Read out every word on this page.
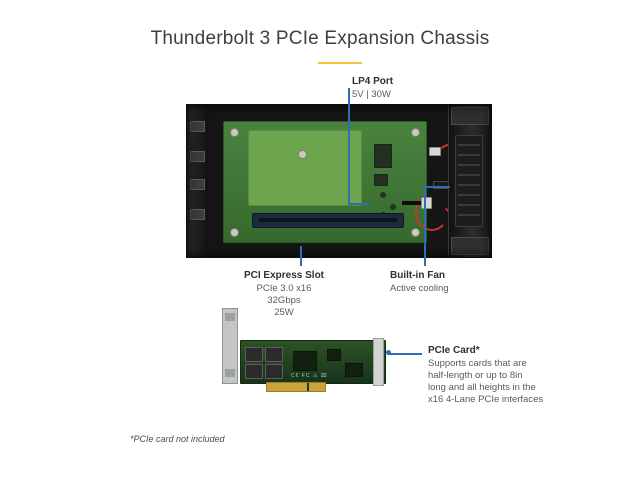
Thunderbolt 3 PCIe Expansion Chassis
LP4 Port
5V | 30W
PCI Express Slot
PCIe 3.0 x16
32Gbps
25W
Built-in Fan
Active cooling
PCIe Card*
Supports cards that are
half-length or up to 8in
long and all heights in the
x16 4-Lane PCIe interfaces
C€ FC ⚠ ⌧
*PCIe card not included
